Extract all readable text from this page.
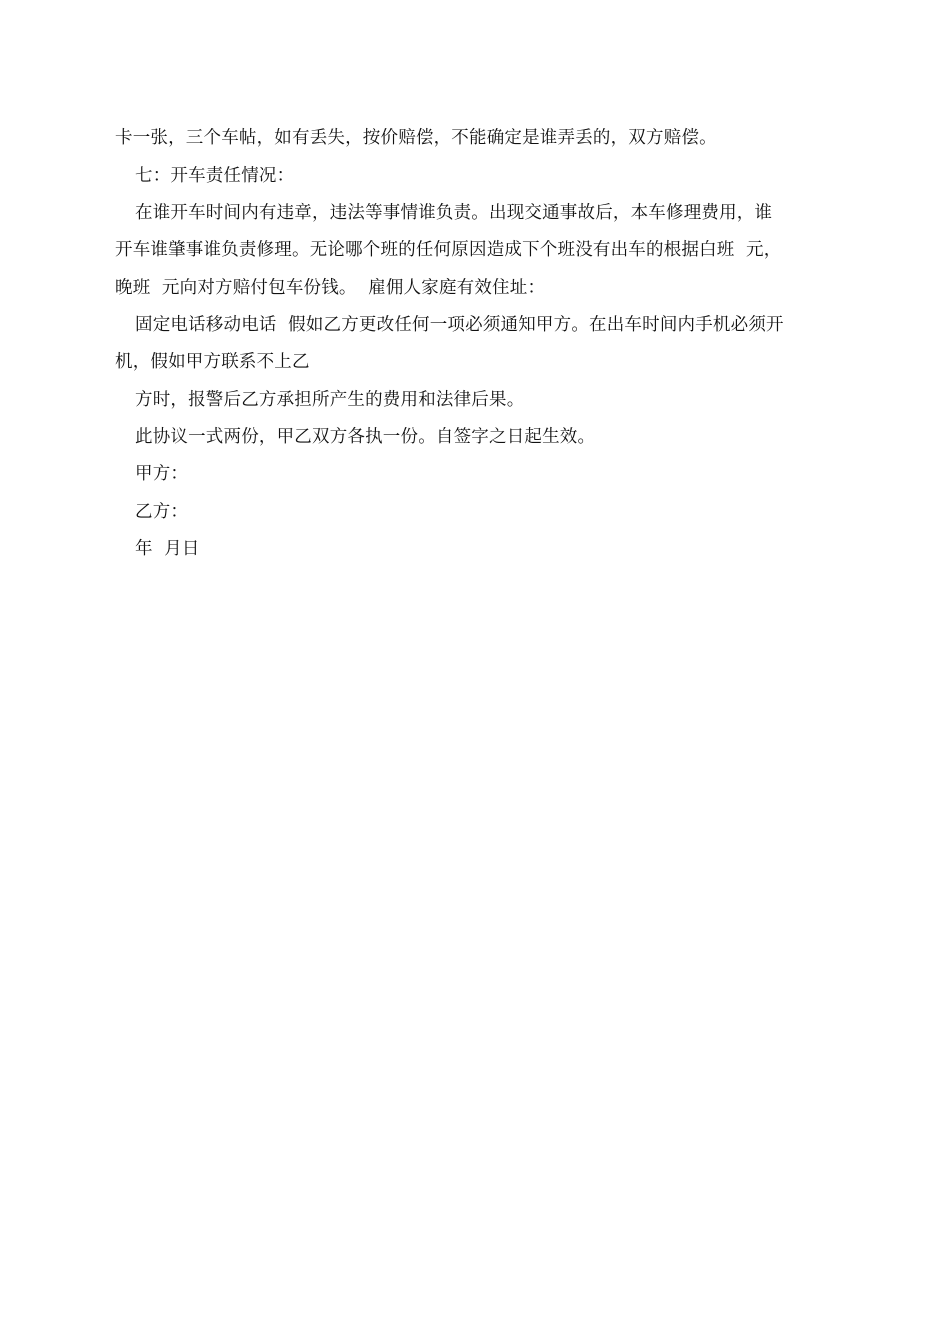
卡一张，三个车帖，如有丢失，按价赔偿，不能确定是谁弄丢的，双方赔偿。
七：开车责任情况：
在谁开车时间内有违章，违法等事情谁负责。出现交通事故后，本车修理费用，谁
开车谁肇事谁负责修理。无论哪个班的任何原因造成下个班没有出车的根据白班  元，
晚班  元向对方赔付包车份钱。  雇佣人家庭有效住址：
固定电话移动电话  假如乙方更改任何一项必须通知甲方。在出车时间内手机必须开
机，假如甲方联系不上乙
方时，报警后乙方承担所产生的费用和法律后果。
此协议一式两份，甲乙双方各执一份。自签字之日起生效。
甲方：
乙方：
年  月日
